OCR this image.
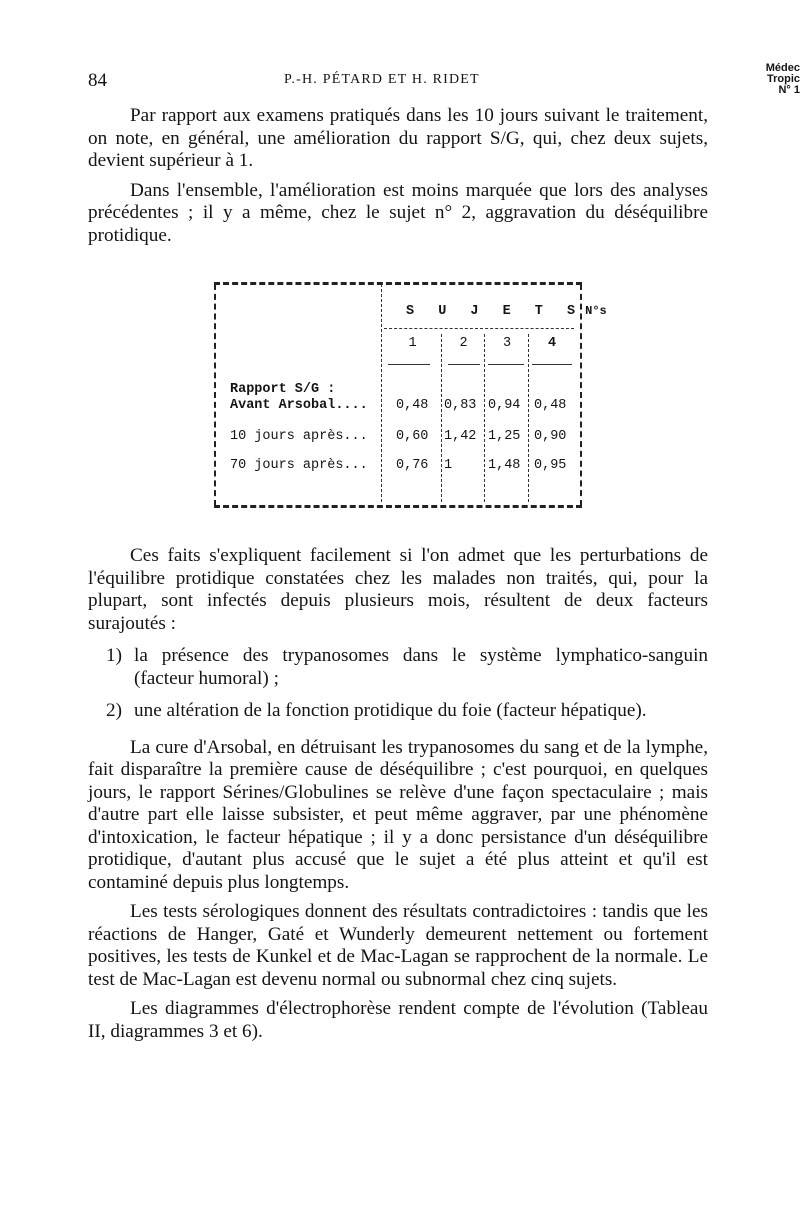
84	P.-H. PÉTARD ET H. RIDET
Médec
Tropic
N° 1

Par rapport aux examens pratiqués dans les 10 jours suivant le traitement, on note, en général, une amélioration du rapport S/G, qui, chez deux sujets, devient supérieur à 1.

Dans l'ensemble, l'amélioration est moins marquée que lors des analyses précédentes ; il y a même, chez le sujet n° 2, aggravation du déséquilibre protidique.

S U J E T S N°s
1	2	3	4
Rapport S/G :
Avant Arsobal.... 0,48 0,83 0,94 0,48
10 jours après... 0,60 1,42 1,25 0,90
70 jours après... 0,76 1	1,48 0,95

Ces faits s'expliquent facilement si l'on admet que les perturbations de l'équilibre protidique constatées chez les malades non traités, qui, pour la plupart, sont infectés depuis plusieurs mois, résultent de deux facteurs surajoutés :

1) la présence des trypanosomes dans le système lymphatico-sanguin (facteur humoral) ;
2) une altération de la fonction protidique du foie (facteur hépatique).

La cure d'Arsobal, en détruisant les trypanosomes du sang et de la lymphe, fait disparaître la première cause de déséquilibre ; c'est pourquoi, en quelques jours, le rapport Sérines/Globulines se relève d'une façon spectaculaire ; mais d'autre part elle laisse subsister, et peut même aggraver, par une phénomène d'intoxication, le facteur hépatique ; il y a donc persistance d'un déséquilibre protidique, d'autant plus accusé que le sujet a été plus atteint et qu'il est contaminé depuis plus longtemps.

Les tests sérologiques donnent des résultats contradictoires : tandis que les réactions de Hanger, Gaté et Wunderly demeurent nettement ou fortement positives, les tests de Kunkel et de Mac-Lagan se rapprochent de la normale. Le test de Mac-Lagan est devenu normal ou subnormal chez cinq sujets.

Les diagrammes d'électrophorèse rendent compte de l'évolution (Tableau II, diagrammes 3 et 6).
